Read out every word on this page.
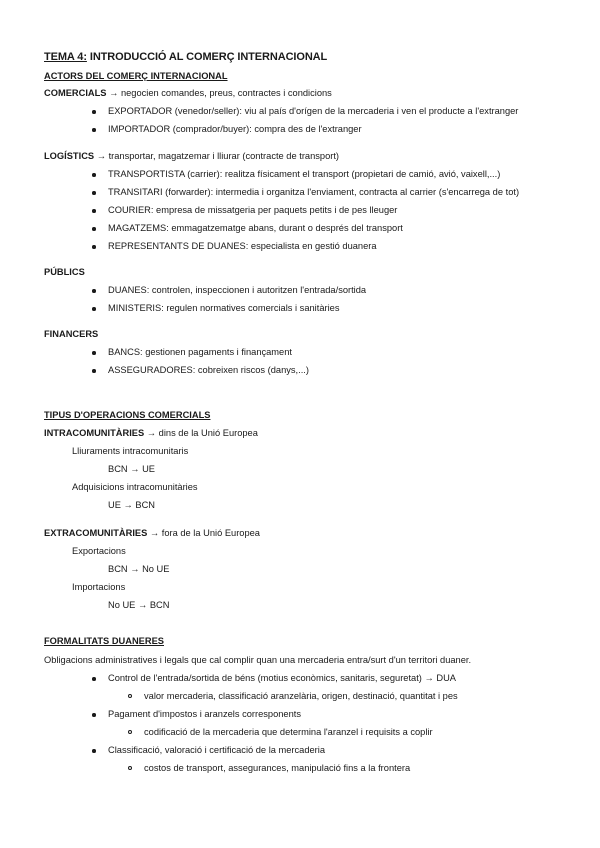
TEMA 4: INTRODUCCIÓ AL COMERÇ INTERNACIONAL
ACTORS DEL COMERÇ INTERNACIONAL
COMERCIALS → negocien comandes, preus, contractes i condicions
EXPORTADOR (venedor/seller): viu al país d'orígen de la mercaderia i ven el producte a l'extranger
IMPORTADOR (comprador/buyer): compra des de l'extranger
LOGÍSTICS → transportar, magatzemar i lliurar (contracte de transport)
TRANSPORTISTA (carrier): realitza físicament el transport (propietari de camió, avió, vaixell,...)
TRANSITARI (forwarder): intermedia i organitza l'enviament, contracta al carrier (s'encarrega de tot)
COURIER: empresa de missatgeria per paquets petits i de pes lleuger
MAGATZEMS: emmagatzematge abans, durant o després del transport
REPRESENTANTS DE DUANES: especialista en gestió duanera
PÚBLICS
DUANES: controlen, inspeccionen i autoritzen l'entrada/sortida
MINISTERIS: regulen normatives comercials i sanitàries
FINANCERS
BANCS: gestionen pagaments i finançament
ASSEGURADORES: cobreixen riscos (danys,...)
TIPUS D'OPERACIONS COMERCIALS
INTRACOMUNITÀRIES → dins de la Unió Europea
Lliuraments intracomunitaris
BCN → UE
Adquisicions intracomunitàries
UE → BCN
EXTRACOMUNITÀRIES → fora de la Unió Europea
Exportacions
BCN → No UE
Importacions
No UE → BCN
FORMALITATS DUANERES
Obligacions administratives i legals que cal complir quan una mercaderia entra/surt d'un territori duaner.
Control de l'entrada/sortida de béns (motius econòmics, sanitaris, seguretat) → DUA
valor mercaderia, classificació aranzelària, origen, destinació, quantitat i pes
Pagament d'impostos i aranzels corresponents
codificació de la mercaderia que determina l'aranzel i requisits a coplir
Classificació, valoració i certificació de la mercaderia
costos de transport, assegurances, manipulació fins a la frontera
